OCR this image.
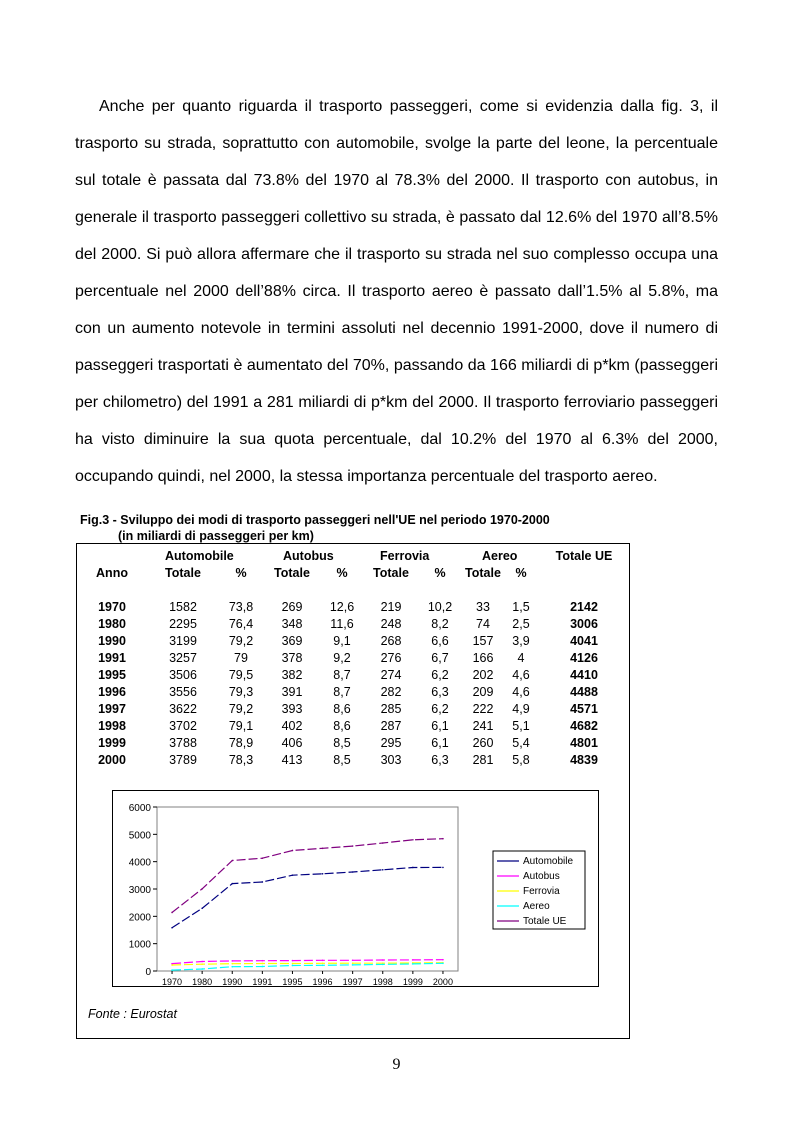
Anche per quanto riguarda il trasporto passeggeri, come si evidenzia dalla fig. 3, il trasporto su strada, soprattutto con automobile, svolge la parte del leone, la percentuale sul totale è passata dal 73.8% del 1970 al 78.3% del 2000. Il trasporto con autobus, in generale il trasporto passeggeri collettivo su strada, è passato dal 12.6% del 1970 all’8.5% del 2000. Si può allora affermare che il trasporto su strada nel suo complesso occupa una percentuale nel 2000 dell’88% circa. Il trasporto aereo è passato dall’1.5% al 5.8%, ma con un aumento notevole in termini assoluti nel decennio 1991-2000, dove il numero di passeggeri trasportati è aumentato del 70%, passando da 166 miliardi di p*km (passeggeri per chilometro) del 1991 a 281 miliardi di p*km del 2000. Il trasporto ferroviario passeggeri ha visto diminuire la sua quota percentuale, dal 10.2% del 1970 al 6.3% del 2000, occupando quindi, nel 2000, la stessa importanza percentuale del trasporto aereo.

Fig.3 - Sviluppo dei modi di trasporto passeggeri nell'UE nel periodo 1970-2000
(in miliardi di passeggeri per km)
	Automobile		Autobus		Ferrovia		Aereo		Totale UE
Anno	Totale	%	Totale	%	Totale	%	Totale	%	

1970	1582	73,8	269	12,6	219	10,2	33	1,5	2142
1980	2295	76,4	348	11,6	248	8,2	74	2,5	3006
1990	3199	79,2	369	9,1	268	6,6	157	3,9	4041
1991	3257	79	378	9,2	276	6,7	166	4	4126
1995	3506	79,5	382	8,7	274	6,2	202	4,6	4410
1996	3556	79,3	391	8,7	282	6,3	209	4,6	4488
1997	3622	79,2	393	8,6	285	6,2	222	4,9	4571
1998	3702	79,1	402	8,6	287	6,1	241	5,1	4682
1999	3788	78,9	406	8,5	295	6,1	260	5,4	4801
2000	3789	78,3	413	8,5	303	6,3	281	5,8	4839
0
1000
2000
3000
4000
5000
6000
1970 1980 1990 1991 1995 1996 1997 1998 1999 2000
Automobile
Autobus
Ferrovia
Aereo
Totale UE
Fonte : Eurostat
9
